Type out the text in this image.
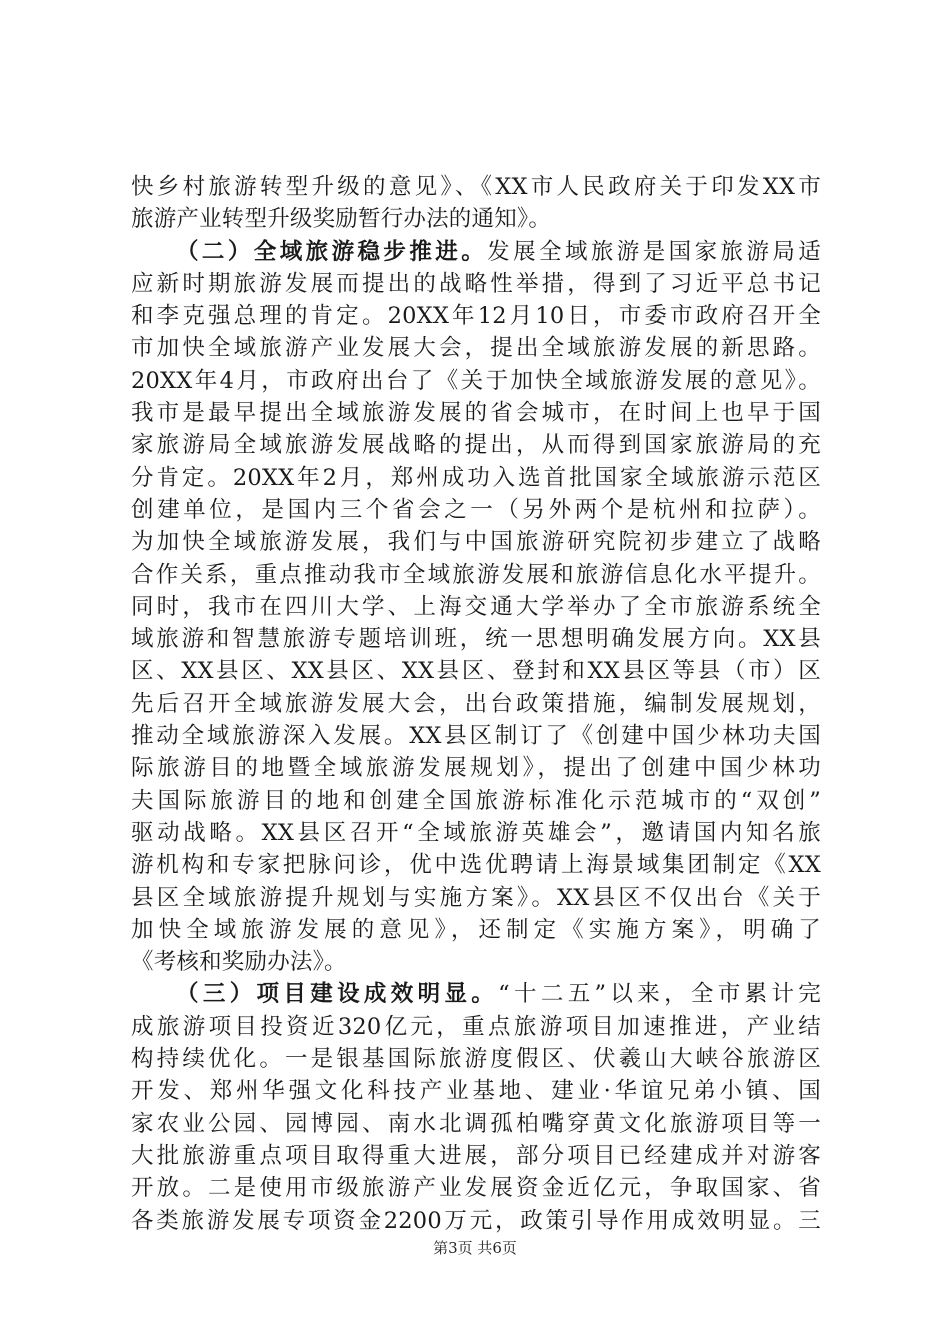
快乡村旅游转型升级的意见》、《XX市人民政府关于印发XX市
旅游产业转型升级奖励暂行办法的通知》。
（二）全域旅游稳步推进。发展全域旅游是国家旅游局适
应新时期旅游发展而提出的战略性举措，得到了习近平总书记
和李克强总理的肯定。20XX年12月10日，市委市政府召开全
市加快全域旅游产业发展大会，提出全域旅游发展的新思路。
20XX年4月，市政府出台了《关于加快全域旅游发展的意见》。
我市是最早提出全域旅游发展的省会城市，在时间上也早于国
家旅游局全域旅游发展战略的提出，从而得到国家旅游局的充
分肯定。20XX年2月，郑州成功入选首批国家全域旅游示范区
创建单位，是国内三个省会之一（另外两个是杭州和拉萨）。
为加快全域旅游发展，我们与中国旅游研究院初步建立了战略
合作关系，重点推动我市全域旅游发展和旅游信息化水平提升。
同时，我市在四川大学、上海交通大学举办了全市旅游系统全
域旅游和智慧旅游专题培训班，统一思想明确发展方向。XX县
区、XX县区、XX县区、XX县区、登封和XX县区等县（市）区
先后召开全域旅游发展大会，出台政策措施，编制发展规划，
推动全域旅游深入发展。XX县区制订了《创建中国少林功夫国
际旅游目的地暨全域旅游发展规划》，提出了创建中国少林功
夫国际旅游目的地和创建全国旅游标准化示范城市的“双创”
驱动战略。XX县区召开“全域旅游英雄会”，邀请国内知名旅
游机构和专家把脉问诊，优中选优聘请上海景域集团制定《XX
县区全域旅游提升规划与实施方案》。XX县区不仅出台《关于
加快全域旅游发展的意见》，还制定《实施方案》，明确了
《考核和奖励办法》。
（三）项目建设成效明显。“十二五”以来，全市累计完
成旅游项目投资近320亿元，重点旅游项目加速推进，产业结
构持续优化。一是银基国际旅游度假区、伏羲山大峡谷旅游区
开发、郑州华强文化科技产业基地、建业·华谊兄弟小镇、国
家农业公园、园博园、南水北调孤柏嘴穿黄文化旅游项目等一
大批旅游重点项目取得重大进展，部分项目已经建成并对游客
开放。二是使用市级旅游产业发展资金近亿元，争取国家、省
各类旅游发展专项资金2200万元，政策引导作用成效明显。三
第3页 共6页
